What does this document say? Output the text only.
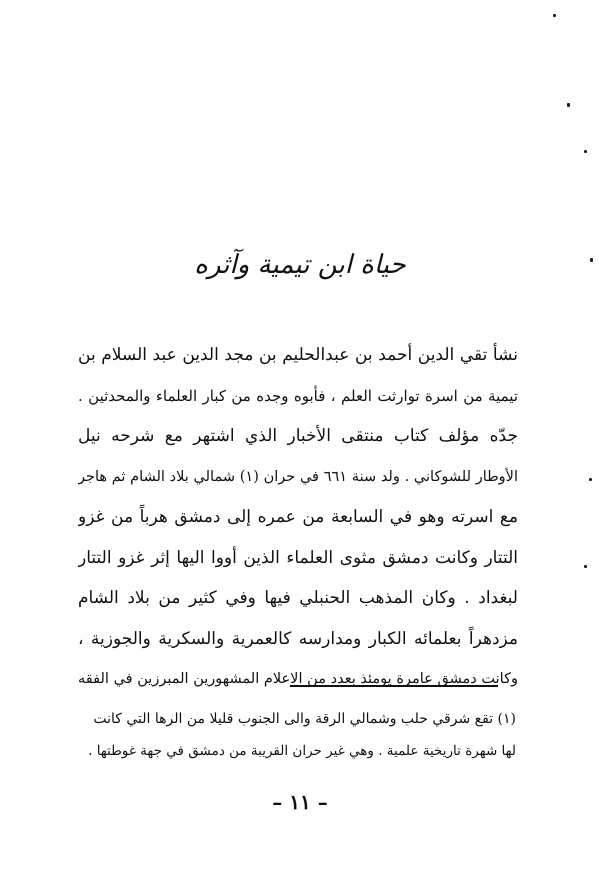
حياة ابن تيمية وآثره
نشأ تقي الدين أحمد بن عبدالحليم بن مجد الدين عبد السلام بن
تيمية من اسرة توارثت العلم ، فأبوه وجده من كبار العلماء والمحدثين .
جدّه مؤلف كتاب منتقى الأخبار الذي اشتهر مع شرحه نيل
الأوطار للشوكاني . ولد سنة ٦٦١ في حران (١) شمالي بلاد الشام ثم هاجر
مع اسرته وهو في السابعة من عمره إلى دمشق هرباً من غزو
التتار وكانت دمشق مثوى العلماء الذين أووا اليها إثر غزو التتار
لبغداد . وكان المذهب الحنبلي فيها وفي كثير من بلاد الشام
مزدهراً بعلمائه الكبار ومدارسه كالعمرية والسكرية والجوزية ،
وكانت دمشق عامرة يومئذ بعدد من الاعلام المشهورين المبرزين في الفقه
(١) تقع شرقي حلب وشمالي الرقة والى الجنوب قليلا من الرها التي كانت
لها شهرة تاريخية علمية . وهي غير حران القريبة من دمشق في جهة غوطتها .
– ١١ –
